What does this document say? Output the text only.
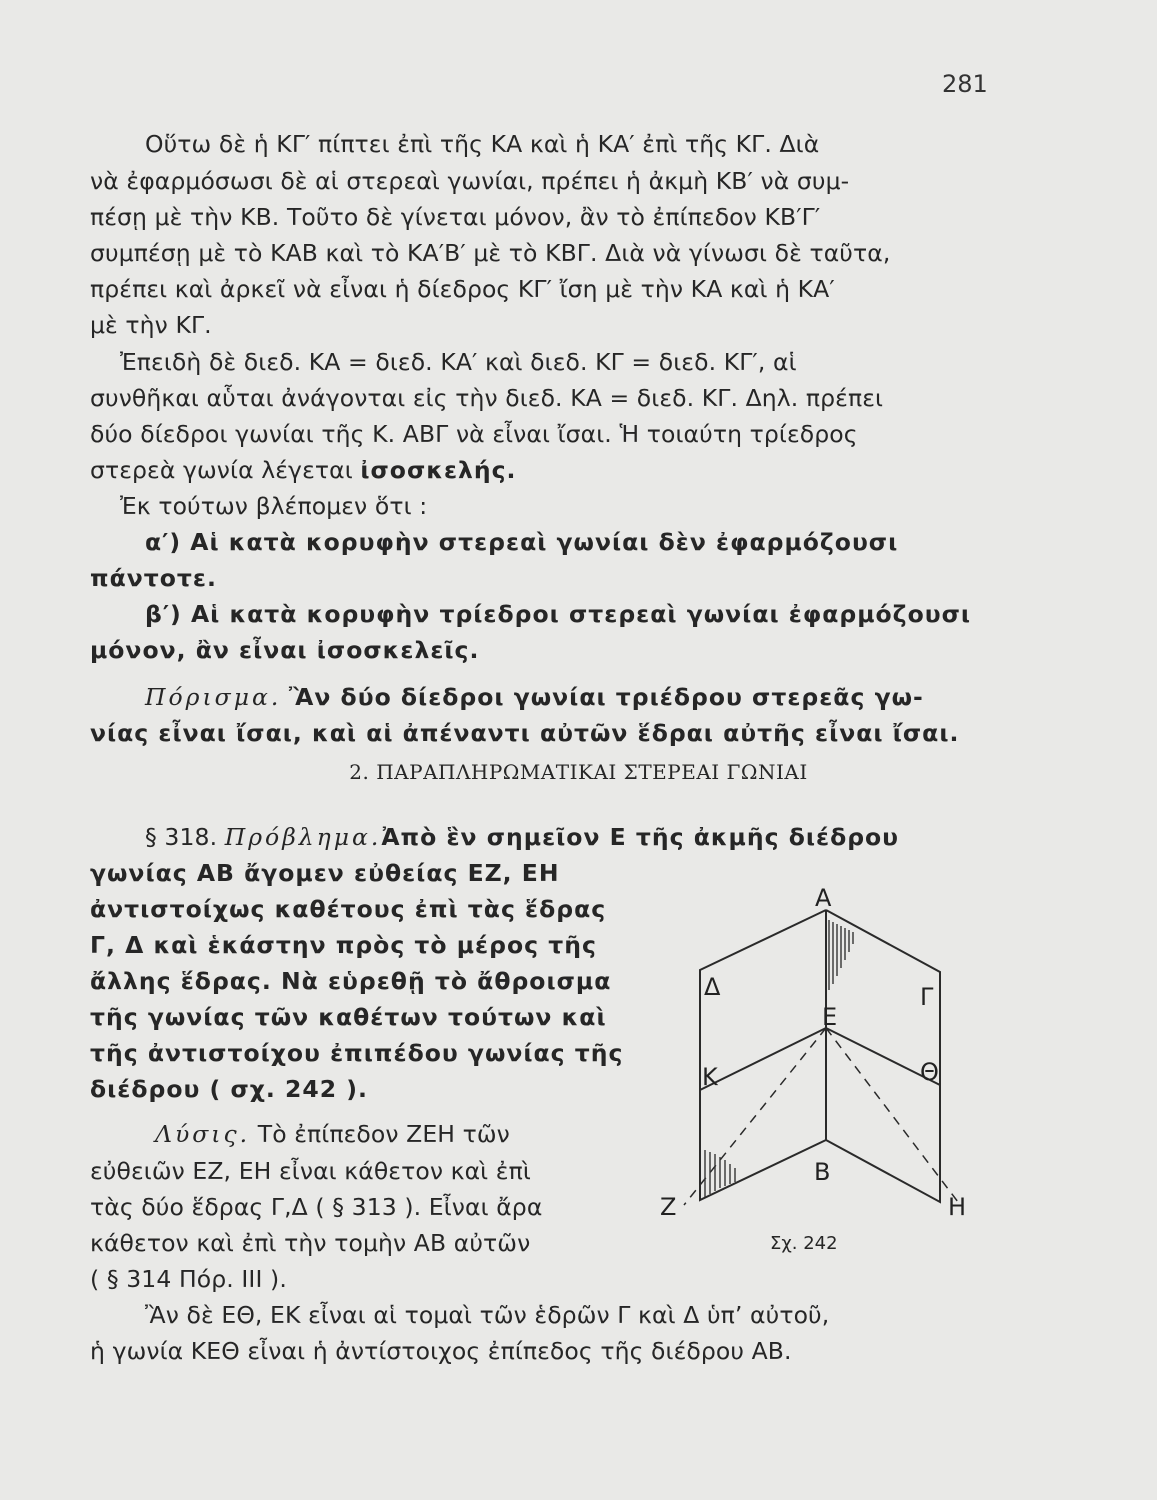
281
Οὕτω δὲ ἡ ΚΓ′ πίπτει ἐπὶ τῆς ΚΑ καὶ ἡ ΚΑ′ ἐπὶ τῆς ΚΓ. Διὰ
νὰ ἐφαρμόσωσι δὲ αἱ στερεαὶ γωνίαι, πρέπει ἡ ἀκμὴ ΚΒ′ νὰ συμ-
πέσῃ μὲ τὴν ΚΒ. Τοῦτο δὲ γίνεται μόνον, ἂν τὸ ἐπίπεδον ΚΒ′Γ′
συμπέσῃ μὲ τὸ ΚΑΒ καὶ τὸ ΚΑ′Β′ μὲ τὸ ΚΒΓ. Διὰ νὰ γίνωσι δὲ ταῦτα,
πρέπει καὶ ἀρκεῖ νὰ εἶναι ἡ δίεδρος ΚΓ′ ἴση μὲ τὴν ΚΑ καὶ ἡ ΚΑ′
μὲ τὴν ΚΓ.
Ἐπειδὴ δὲ διεδ. ΚΑ = διεδ. ΚΑ′ καὶ διεδ. ΚΓ = διεδ. ΚΓ′, αἱ
συνθῆκαι αὗται ἀνάγονται εἰς τὴν διεδ. ΚΑ = διεδ. ΚΓ. Δηλ. πρέπει
δύο δίεδροι γωνίαι τῆς Κ. ΑΒΓ νὰ εἶναι ἴσαι. Ἡ τοιαύτη τρίεδρος
στερεὰ γωνία λέγεται ἰσοσκελής.
Ἐκ τούτων βλέπομεν ὅτι :
α′) Αἱ κατὰ κορυφὴν στερεαὶ γωνίαι δὲν ἐφαρμόζουσι
πάντοτε.
β′) Αἱ κατὰ κορυφὴν τρίεδροι στερεαὶ γωνίαι ἐφαρμόζουσι
μόνον, ἂν εἶναι ἰσοσκελεῖς.
Πόρισμα. Ἂν δύο δίεδροι γωνίαι τριέδρου στερεᾶς γω-
νίας εἶναι ἴσαι, καὶ αἱ ἀπέναντι αὐτῶν ἕδραι αὐτῆς εἶναι ἴσαι.
2. ΠΑΡΑΠΛΗΡΩΜΑΤΙΚΑΙ ΣΤΕΡΕΑΙ ΓΩΝΙΑΙ
§ 318. Πρόβλημα.Ἀπὸ ἓν σημεῖον Ε τῆς ἀκμῆς διέδρου
γωνίας ΑΒ ἄγομεν εὐθείας ΕΖ, ΕΗ
ἀντιστοίχως καθέτους ἐπὶ τὰς ἕδρας
Γ, Δ καὶ ἑκάστην πρὸς τὸ μέρος τῆς
ἄλλης ἕδρας. Νὰ εὑρεθῇ τὸ ἄθροισμα
τῆς γωνίας τῶν καθέτων τούτων καὶ
τῆς ἀντιστοίχου ἐπιπέδου γωνίας τῆς
διέδρου ( σχ. 242 ).
Λύσις. Τὸ ἐπίπεδον ΖΕΗ τῶν
εὐθειῶν ΕΖ, ΕΗ εἶναι κάθετον καὶ ἐπὶ
τὰς δύο ἕδρας Γ,Δ ( § 313 ). Εἶναι ἄρα
κάθετον καὶ ἐπὶ τὴν τομὴν ΑΒ αὐτῶν
( § 314 Πόρ. ΙΙΙ ).
Ἂν δὲ ΕΘ, ΕΚ εἶναι αἱ τομαὶ τῶν ἑδρῶν Γ καὶ Δ ὑπ’ αὐτοῦ,
ἡ γωνία ΚΕΘ εἶναι ἡ ἀντίστοιχος ἐπίπεδος τῆς διέδρου ΑΒ.
Α
Δ	Γ
Ε
Κ	Θ
Β
Ζ	Η
Σχ. 242
